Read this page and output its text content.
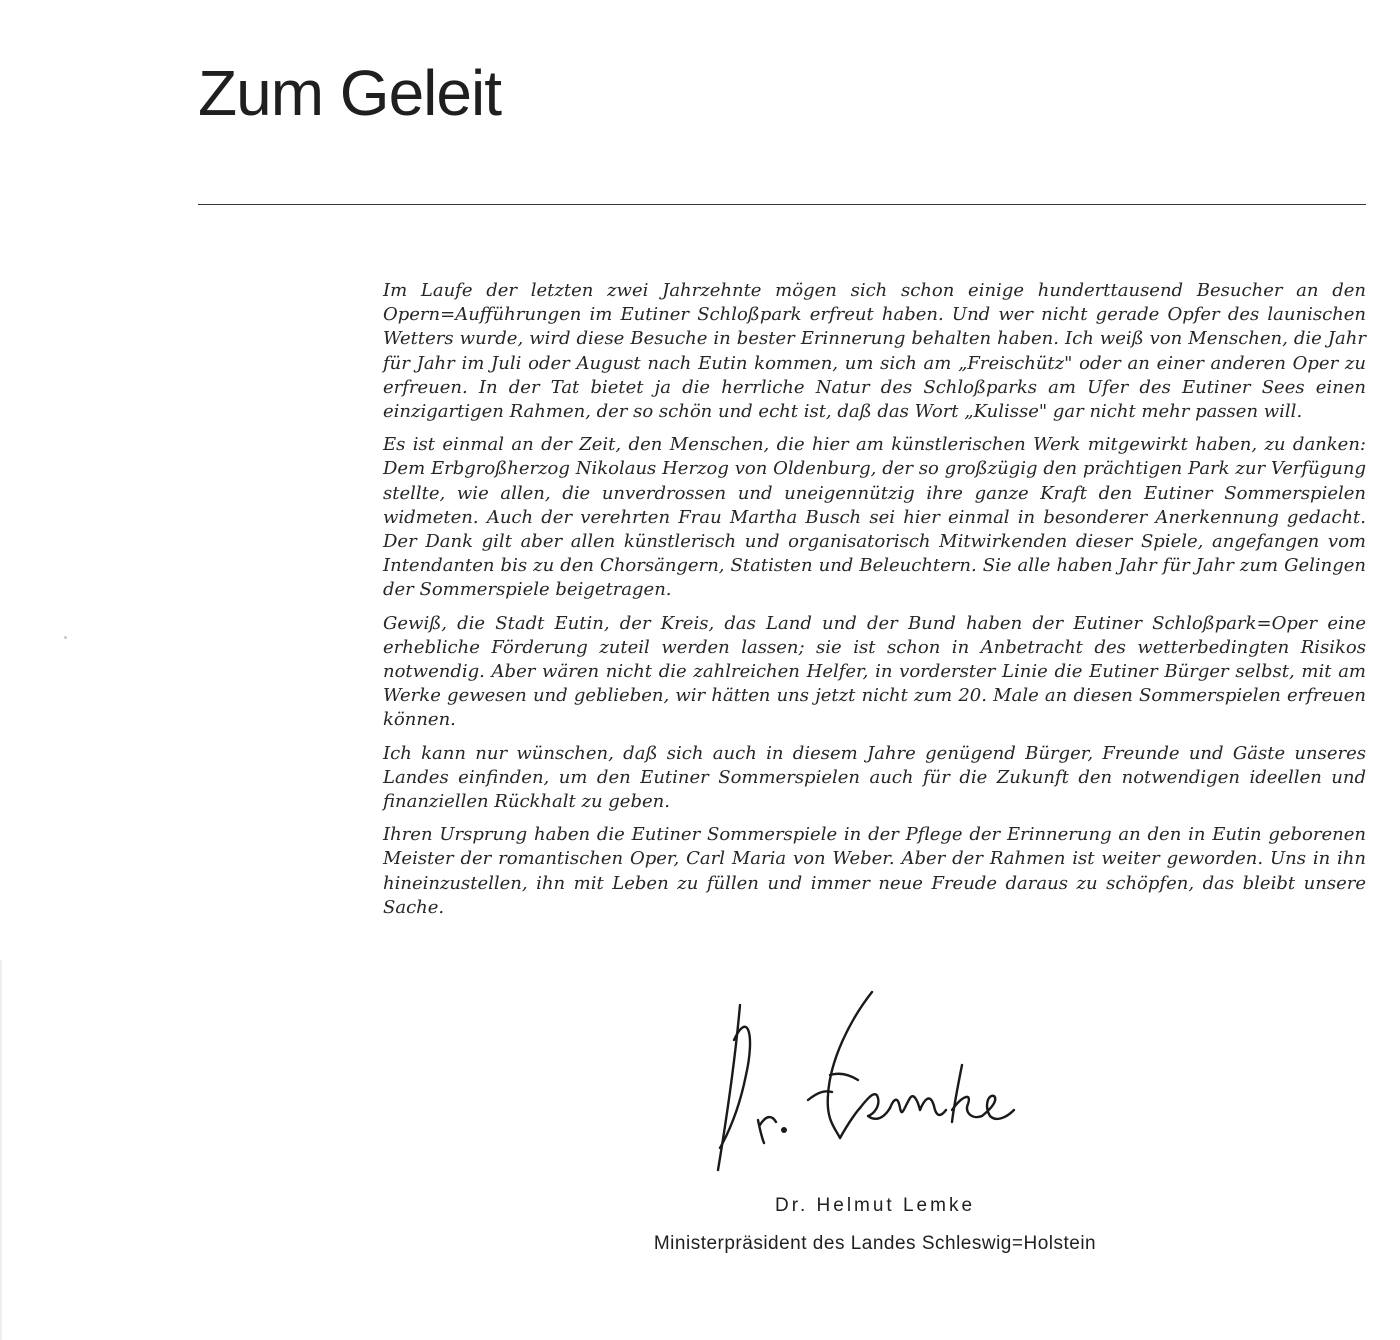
Zum Geleit

Im Laufe der letzten zwei Jahrzehnte mögen sich schon einige hunderttausend Besucher an den Opern=Aufführungen im Eutiner Schloßpark erfreut haben. Und wer nicht gerade Opfer des launischen Wetters wurde, wird diese Besuche in bester Erinnerung behalten haben. Ich weiß von Menschen, die Jahr für Jahr im Juli oder August nach Eutin kommen, um sich am „Freischütz" oder an einer anderen Oper zu erfreuen. In der Tat bietet ja die herrliche Natur des Schloßparks am Ufer des Eutiner Sees einen einzigartigen Rahmen, der so schön und echt ist, daß das Wort „Kulisse" gar nicht mehr passen will.

Es ist einmal an der Zeit, den Menschen, die hier am künstlerischen Werk mitgewirkt haben, zu danken: Dem Erbgroßherzog Nikolaus Herzog von Oldenburg, der so großzügig den prächtigen Park zur Verfügung stellte, wie allen, die unverdrossen und uneigennützig ihre ganze Kraft den Eutiner Sommerspielen widmeten. Auch der verehrten Frau Martha Busch sei hier einmal in besonderer Anerkennung gedacht. Der Dank gilt aber allen künstlerisch und organisatorisch Mitwirkenden dieser Spiele, angefangen vom Intendanten bis zu den Chorsängern, Statisten und Beleuchtern. Sie alle haben Jahr für Jahr zum Gelingen der Sommerspiele beigetragen.

Gewiß, die Stadt Eutin, der Kreis, das Land und der Bund haben der Eutiner Schloßpark=Oper eine erhebliche Förderung zuteil werden lassen; sie ist schon in Anbetracht des wetterbedingten Risikos notwendig. Aber wären nicht die zahlreichen Helfer, in vorderster Linie die Eutiner Bürger selbst, mit am Werke gewesen und geblieben, wir hätten uns jetzt nicht zum 20. Male an diesen Sommerspielen erfreuen können.

Ich kann nur wünschen, daß sich auch in diesem Jahre genügend Bürger, Freunde und Gäste unseres Landes einfinden, um den Eutiner Sommerspielen auch für die Zukunft den notwendigen ideellen und finanziellen Rückhalt zu geben.

Ihren Ursprung haben die Eutiner Sommerspiele in der Pflege der Erinnerung an den in Eutin geborenen Meister der romantischen Oper, Carl Maria von Weber. Aber der Rahmen ist weiter geworden. Uns in ihn hineinzustellen, ihn mit Leben zu füllen und immer neue Freude daraus zu schöpfen, das bleibt unsere Sache.

Dr. Helmut Lemke
Ministerpräsident des Landes Schleswig=Holstein
